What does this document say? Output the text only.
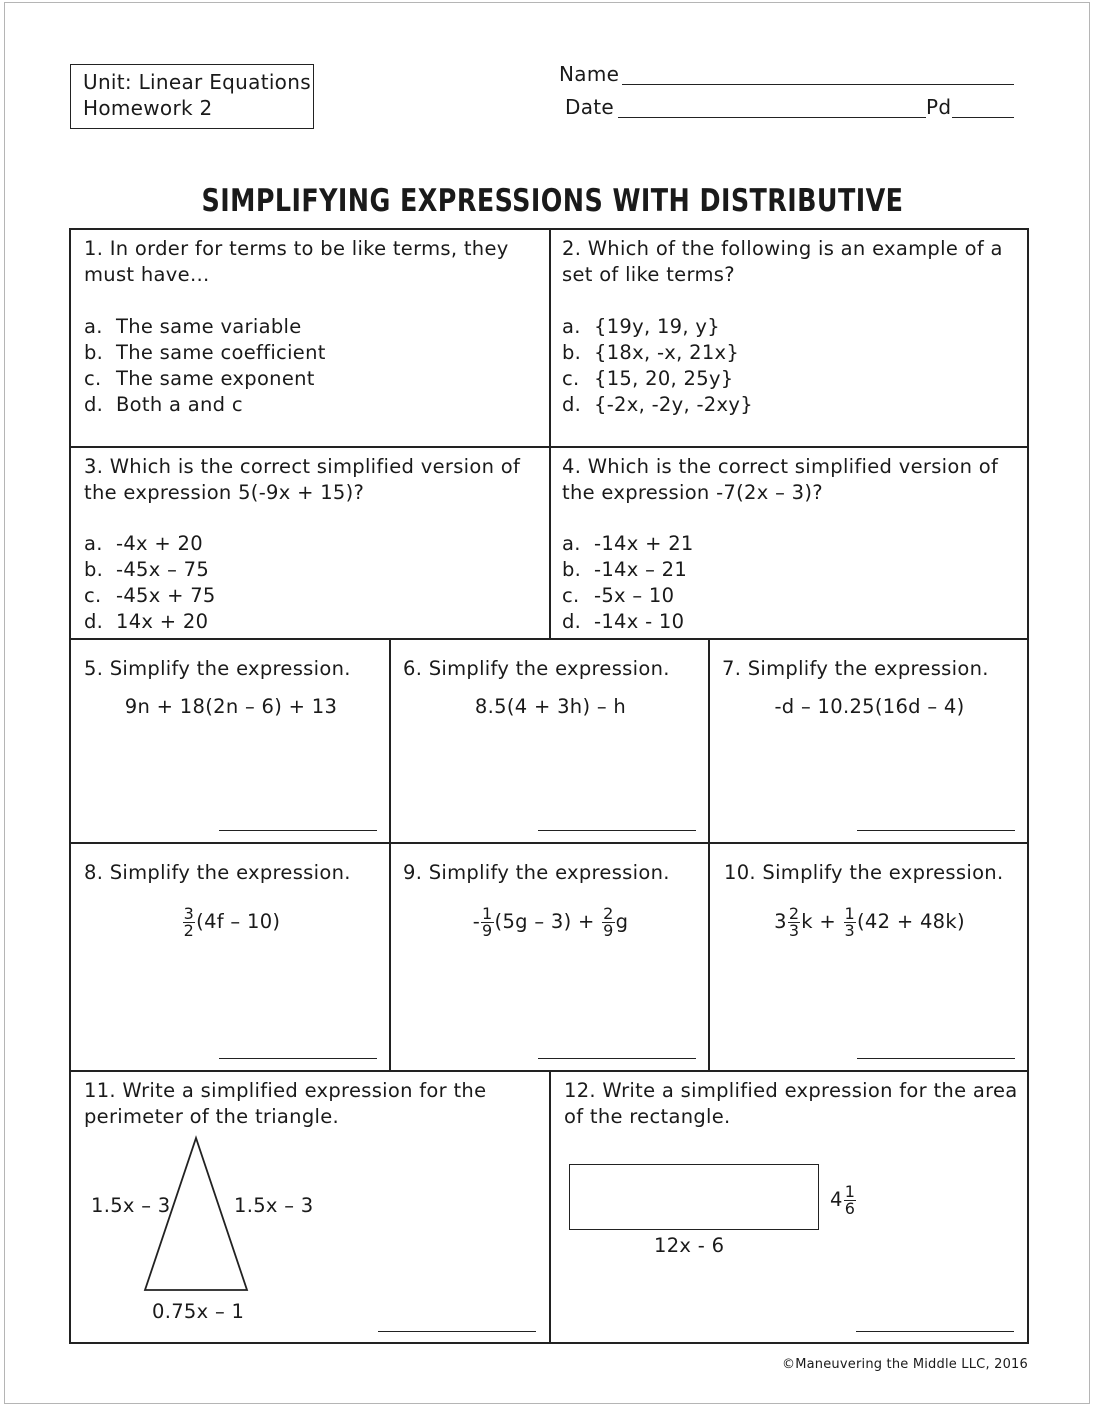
Unit: Linear Equations
Homework 2
Name
Date	Pd
SIMPLIFYING EXPRESSIONS WITH DISTRIBUTIVE
1. In order for terms to be like terms, they
must have…
a. The same variable
b. The same coefficient
c. The same exponent
d. Both a and c
2. Which of the following is an example of a
set of like terms?
a. {19y, 19, y}
b. {18x, -x, 21x}
c. {15, 20, 25y}
d. {-2x, -2y, -2xy}
3. Which is the correct simplified version of
the expression 5(-9x + 15)?
a. -4x + 20
b. -45x – 75
c. -45x + 75
d. 14x + 20
4. Which is the correct simplified version of
the expression -7(2x – 3)?
a. -14x + 21
b. -14x – 21
c. -5x – 10
d. -14x - 10
5. Simplify the expression.
9n + 18(2n – 6) + 13
6. Simplify the expression.
8.5(4 + 3h) – h
7. Simplify the expression.
-d – 10.25(16d – 4)
8. Simplify the expression.
$\frac{3}{2} (4f - 10)$
9. Simplify the expression.
- $\frac{1}{9} (5g - 3) + \frac{2}{9}$ g
10. Simplify the expression.
$3 \frac{2}{3}$ $k + \frac{1}{3} (42 + 48k)$
11. Write a simplified expression for the
perimeter of the triangle.
1.5x – 3	1.5x – 3
0.75x – 1
12. Write a simplified expression for the area
of the rectangle.
12x - 6
$4 \frac{1}{6}$
©Maneuvering the Middle LLC, 2016
